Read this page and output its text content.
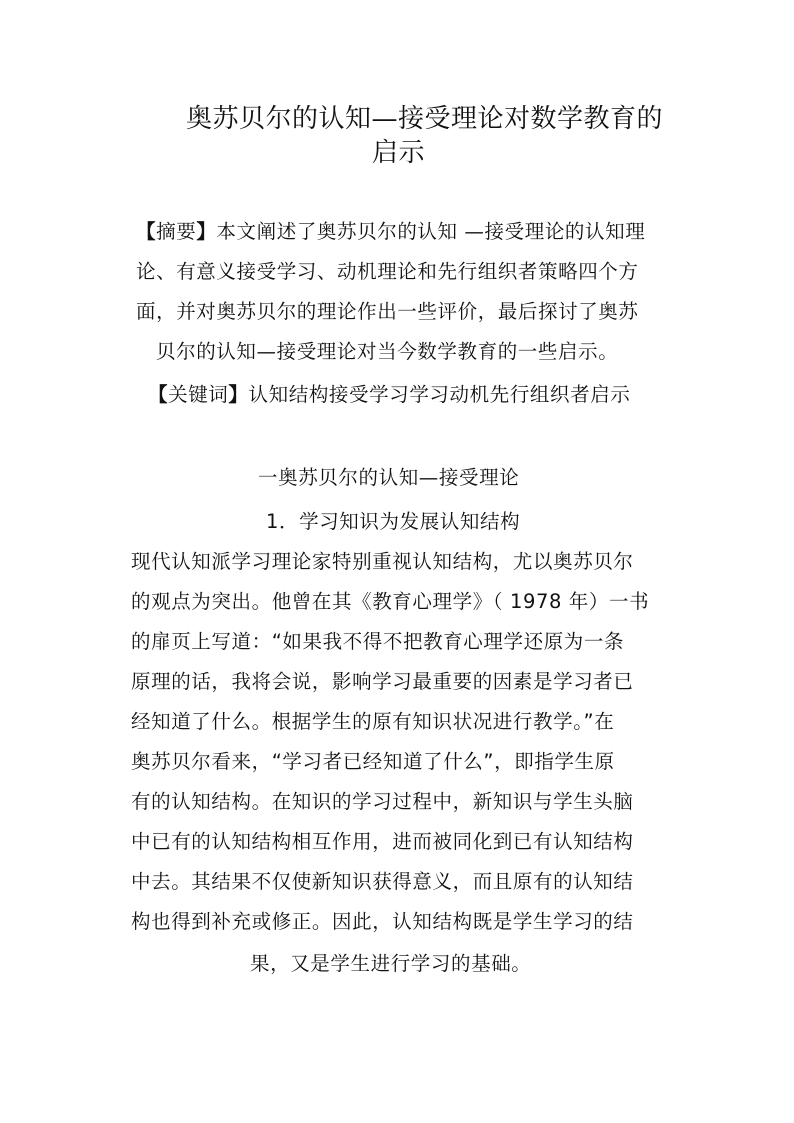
奥苏贝尔的认知—接受理论对数学教育的
启示
【摘要】本文阐述了奥苏贝尔的认知 —接受理论的认知理
论、有意义接受学习、动机理论和先行组织者策略四个方
面，并对奥苏贝尔的理论作出一些评价，最后探讨了奥苏
贝尔的认知—接受理论对当今数学教育的一些启示。
【关键词】认知结构接受学习学习动机先行组织者启示
一奥苏贝尔的认知—接受理论
1．学习知识为发展认知结构
现代认知派学习理论家特别重视认知结构，尤以奥苏贝尔
的观点为突出。他曾在其《教育心理学》（ 1978 年）一书
的扉页上写道：“如果我不得不把教育心理学还原为一条
原理的话，我将会说，影响学习最重要的因素是学习者已
经知道了什么。根据学生的原有知识状况进行教学。”在
奥苏贝尔看来，“学习者已经知道了什么”，即指学生原
有的认知结构。在知识的学习过程中，新知识与学生头脑
中已有的认知结构相互作用，进而被同化到已有认知结构
中去。其结果不仅使新知识获得意义，而且原有的认知结
构也得到补充或修正。因此，认知结构既是学生学习的结
果，又是学生进行学习的基础。
